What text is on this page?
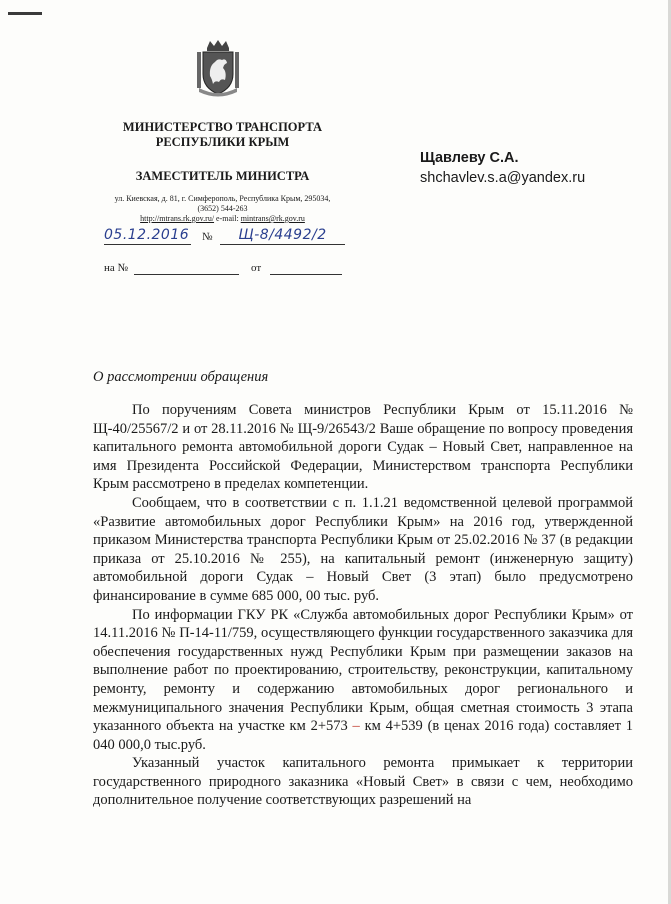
МИНИСТЕРСТВО ТРАНСПОРТА
РЕСПУБЛИКИ КРЫМ
ЗАМЕСТИТЕЛЬ МИНИСТРА
ул. Киевская, д. 81, г. Симферополь, Республика Крым, 295034,
(3652) 544-263
http://mtrans.rk.gov.ru/ e-mail: mintrans@rk.gov.ru
05.12.2016 №	Щ-8/4492/2
на №	от
Щавлеву С.А.
shchavlev.s.a@yandex.ru
О рассмотрении обращения

По поручениям Совета министров Республики Крым от 15.11.2016 № Щ-40/25567/2 и от 28.11.2016 № Щ-9/26543/2 Ваше обращение по вопросу проведения капитального ремонта автомобильной дороги Судак – Новый Свет, направленное на имя Президента Российской Федерации, Министерством транспорта Республики Крым рассмотрено в пределах компетенции.

Сообщаем, что в соответствии с п. 1.1.21 ведомственной целевой программой «Развитие автомобильных дорог Республики Крым» на 2016 год, утвержденной приказом Министерства транспорта Республики Крым от 25.02.2016 № 37 (в редакции приказа от 25.10.2016 № 255), на капитальный ремонт (инженерную защиту) автомобильной дороги Судак – Новый Свет (3 этап) было предусмотрено финансирование в сумме 685 000, 00 тыс. руб.

По информации ГКУ РК «Служба автомобильных дорог Республики Крым» от 14.11.2016 № П-14-11/759, осуществляющего функции государственного заказчика для обеспечения государственных нужд Республики Крым при размещении заказов на выполнение работ по проектированию, строительству, реконструкции, капитальному ремонту, ремонту и содержанию автомобильных дорог регионального и межмуниципального значения Республики Крым, общая сметная стоимость 3 этапа указанного объекта на участке км 2+573 – км 4+539 (в ценах 2016 года) составляет 1 040 000,0 тыс.руб.

Указанный участок капитального ремонта примыкает к территории государственного природного заказника «Новый Свет» в связи с чем, необходимо дополнительное получение соответствующих разрешений на
